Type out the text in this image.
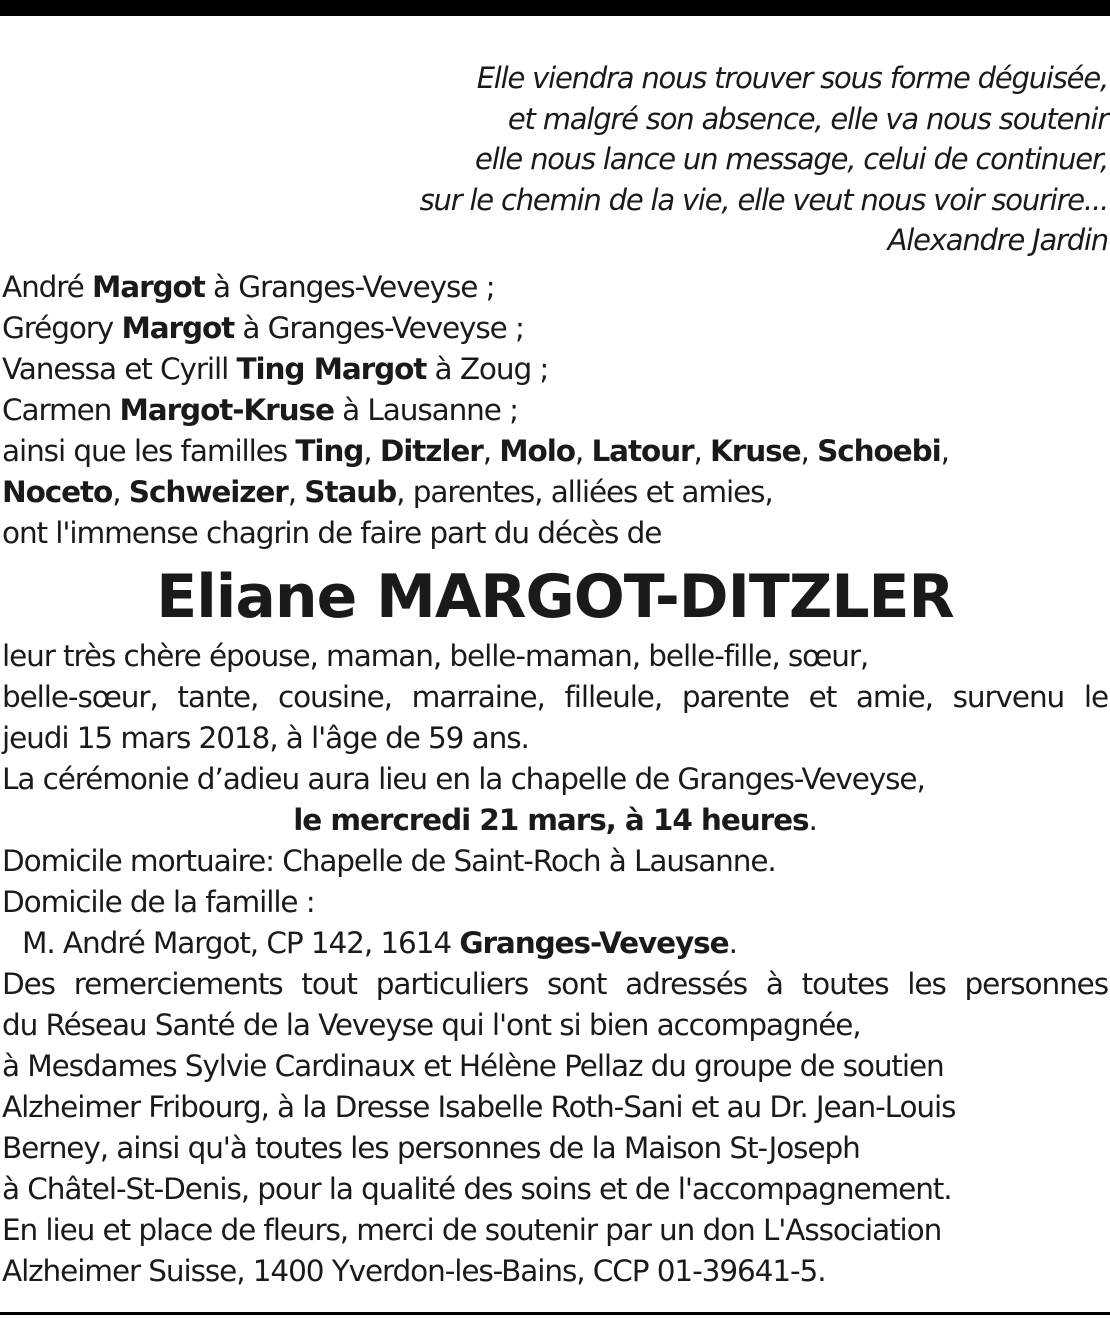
Elle viendra nous trouver sous forme déguisée,
et malgré son absence, elle va nous soutenir
elle nous lance un message, celui de continuer,
sur le chemin de la vie, elle veut nous voir sourire...
Alexandre Jardin
André Margot à Granges-Veveyse ;
Grégory Margot à Granges-Veveyse ;
Vanessa et Cyrill Ting Margot à Zoug ;
Carmen Margot-Kruse à Lausanne ;
ainsi que les familles Ting, Ditzler, Molo, Latour, Kruse, Schoebi,
Noceto, Schweizer, Staub, parentes, alliées et amies,
ont l'immense chagrin de faire part du décès de
Eliane MARGOT-DITZLER
leur très chère épouse, maman, belle-maman, belle-fille, sœur,
belle-sœur, tante, cousine, marraine, filleule, parente et amie, survenu le
jeudi 15 mars 2018, à l'âge de 59 ans.
La cérémonie d’adieu aura lieu en la chapelle de Granges-Veveyse,
le mercredi 21 mars, à 14 heures.
Domicile mortuaire: Chapelle de Saint-Roch à Lausanne.
Domicile de la famille :
M. André Margot, CP 142, 1614 Granges-Veveyse.
Des remerciements tout particuliers sont adressés à toutes les personnes
du Réseau Santé de la Veveyse qui l'ont si bien accompagnée,
à Mesdames Sylvie Cardinaux et Hélène Pellaz du groupe de soutien
Alzheimer Fribourg, à la Dresse Isabelle Roth-Sani et au Dr. Jean-Louis
Berney, ainsi qu'à toutes les personnes de la Maison St-Joseph
à Châtel-St-Denis, pour la qualité des soins et de l'accompagnement.
En lieu et place de fleurs, merci de soutenir par un don L'Association
Alzheimer Suisse, 1400 Yverdon-les-Bains, CCP 01-39641-5.
